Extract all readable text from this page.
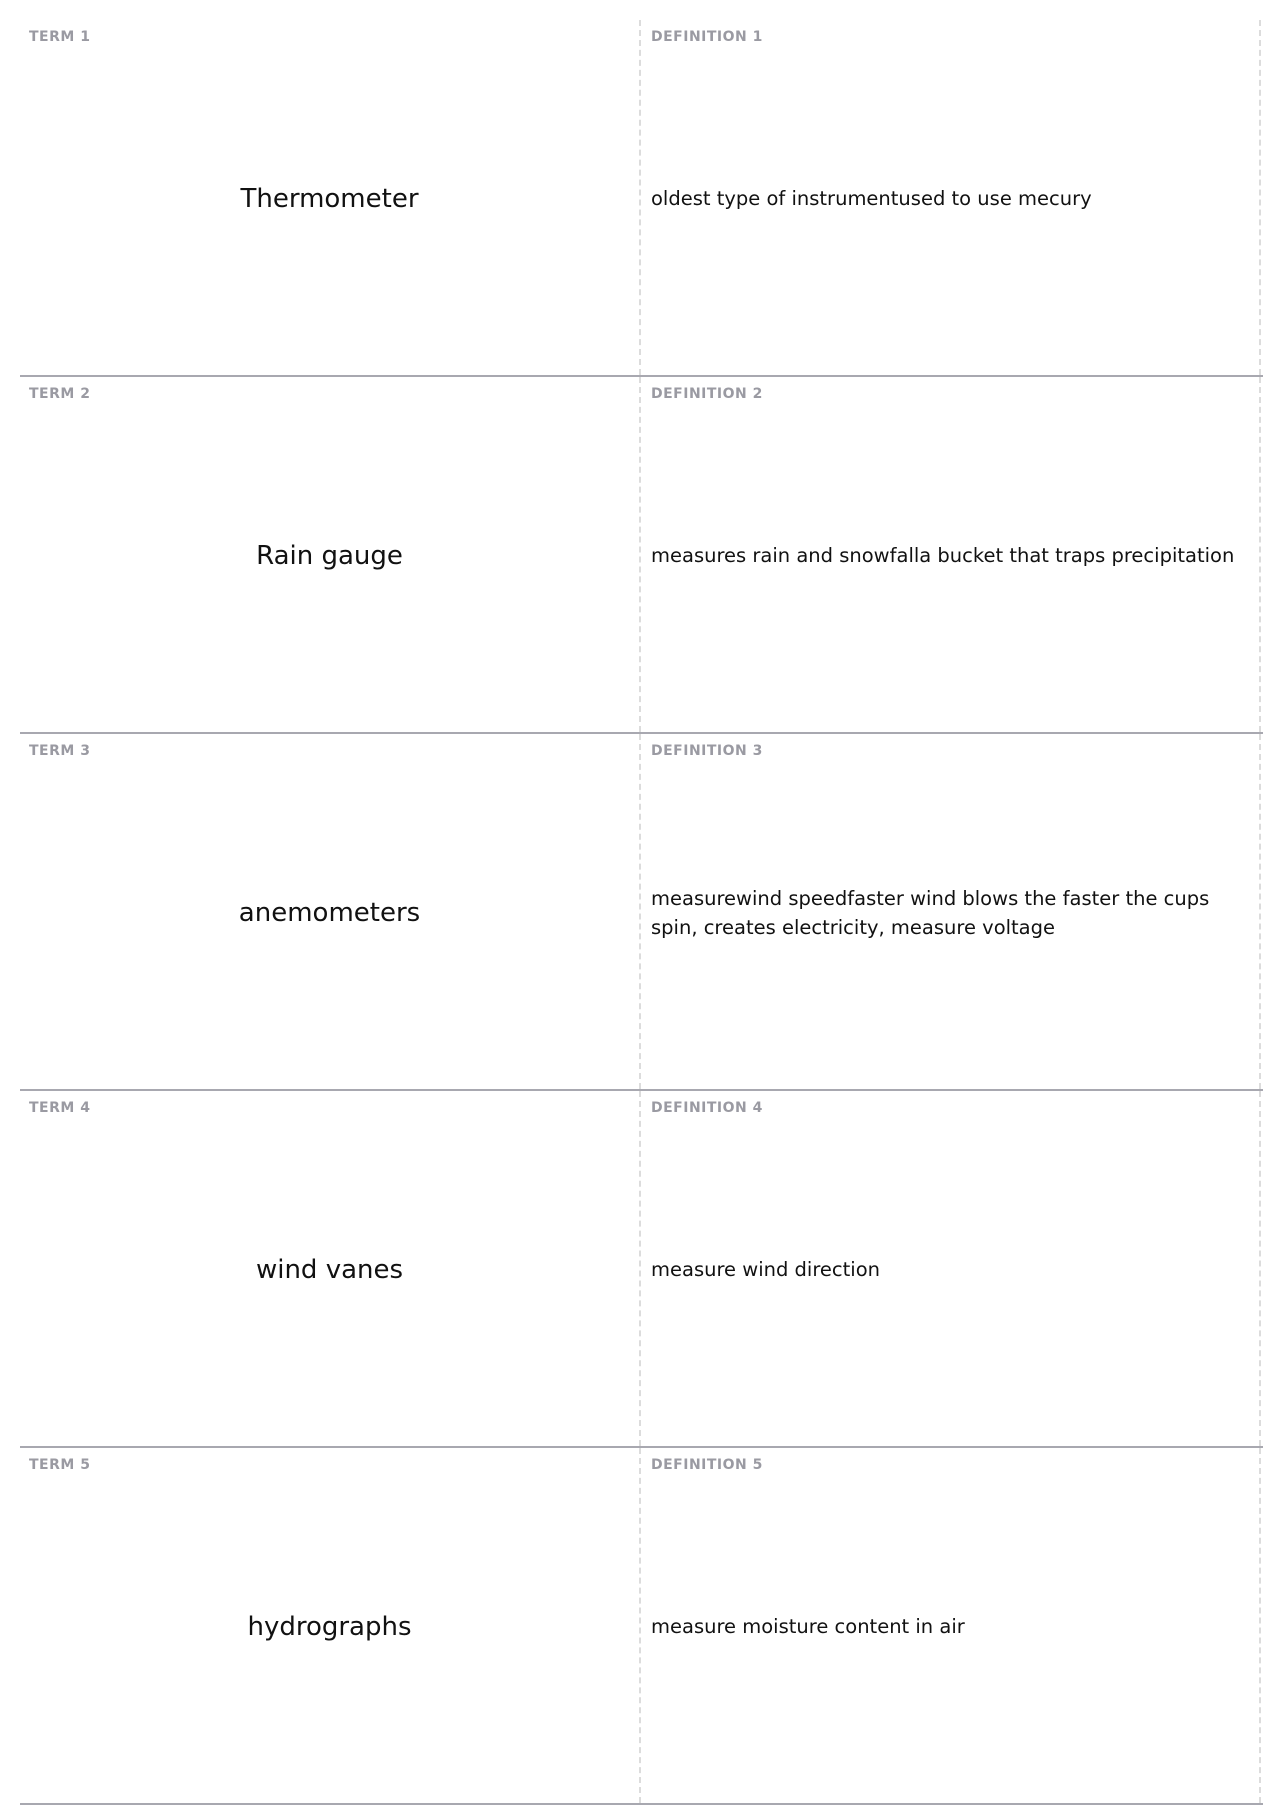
TERM 1
Thermometer
DEFINITION 1
oldest type of instrumentused to use mecury
TERM 2
Rain gauge
DEFINITION 2
measures rain and snowfalla bucket that traps precipitation
TERM 3
anemometers
DEFINITION 3
measurewind speedfaster wind blows the faster the cups spin, creates electricity, measure voltage
TERM 4
wind vanes
DEFINITION 4
measure wind direction
TERM 5
hydrographs
DEFINITION 5
measure moisture content in air
